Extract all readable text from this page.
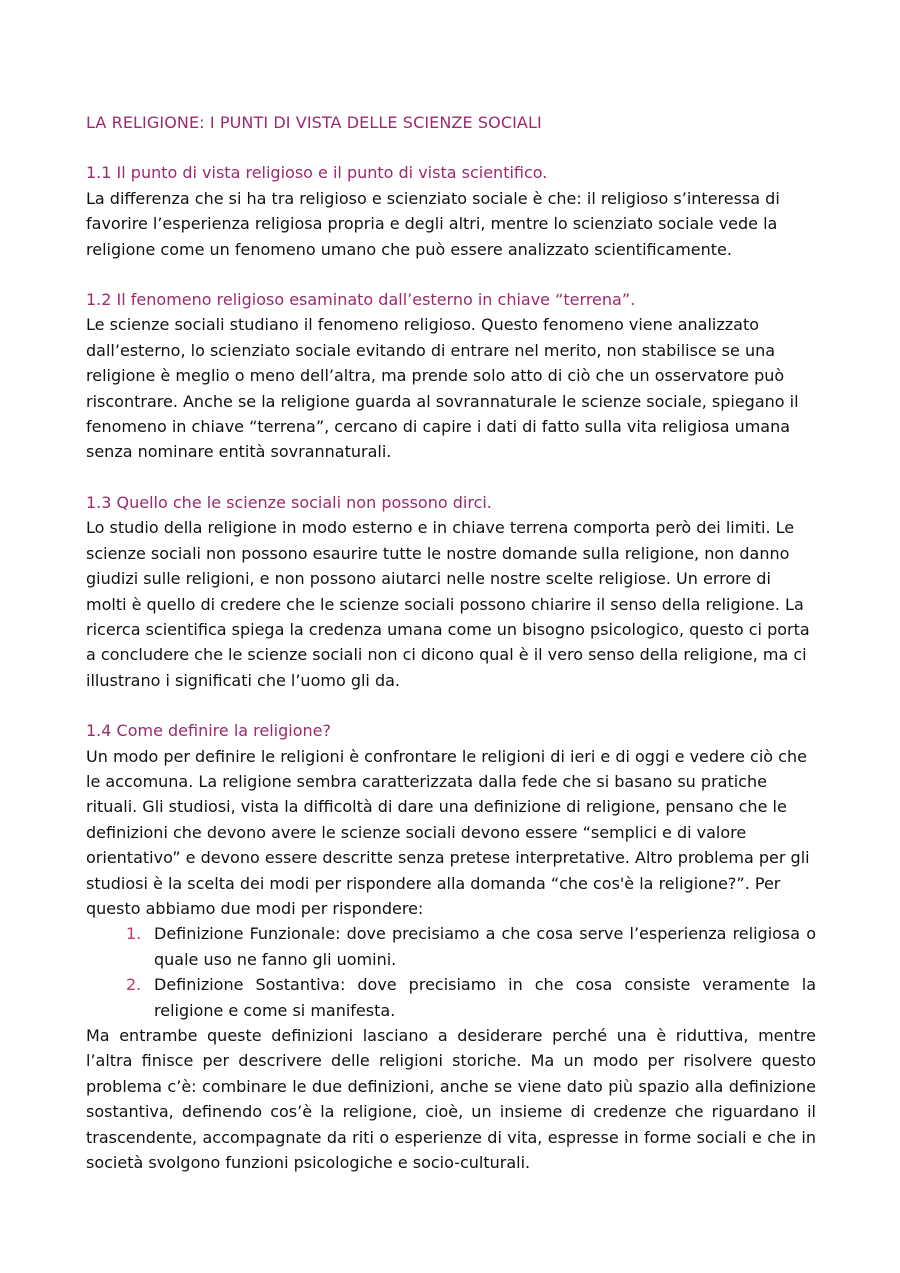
LA RELIGIONE: I PUNTI DI VISTA DELLE SCIENZE SOCIALI

1.1 Il punto di vista religioso e il punto di vista scientifico.

La differenza che si ha tra religioso e scienziato sociale è che: il religioso s’interessa di favorire l’esperienza religiosa propria e degli altri, mentre lo scienziato sociale vede la religione come un fenomeno umano che può essere analizzato scientificamente.

1.2 Il fenomeno religioso esaminato dall’esterno in chiave “terrena”.

Le scienze sociali studiano il fenomeno religioso. Questo fenomeno viene analizzato dall’esterno, lo scienziato sociale evitando di entrare nel merito, non stabilisce se una religione è meglio o meno dell’altra, ma prende solo atto di ciò che un osservatore può riscontrare. Anche se la religione guarda al sovrannaturale le scienze sociale, spiegano il fenomeno in chiave “terrena”, cercano di capire i dati di fatto sulla vita religiosa umana senza nominare entità sovrannaturali.

1.3 Quello che le scienze sociali non possono dirci.

Lo studio della religione in modo esterno e in chiave terrena comporta però dei limiti. Le scienze sociali non possono esaurire tutte le nostre domande sulla religione, non danno giudizi sulle religioni, e non possono aiutarci nelle nostre scelte religiose. Un errore di molti è quello di credere che le scienze sociali possono chiarire il senso della religione. La ricerca scientifica spiega la credenza umana come un bisogno psicologico, questo ci porta a concludere che le scienze sociali non ci dicono qual è il vero senso della religione, ma ci illustrano i significati che l’uomo gli da.

1.4 Come definire la religione?

Un modo per definire le religioni è confrontare le religioni di ieri e di oggi e vedere ciò che le accomuna. La religione sembra caratterizzata dalla fede che si basano su pratiche rituali. Gli studiosi, vista la difficoltà di dare una definizione di religione, pensano che le definizioni che devono avere le scienze sociali devono essere “semplici e di valore orientativo” e devono essere descritte senza pretese interpretative. Altro problema per gli studiosi è la scelta dei modi per rispondere alla domanda “che cos'è la religione?”. Per questo abbiamo due modi per rispondere:

1. Definizione Funzionale: dove precisiamo a che cosa serve l’esperienza religiosa o quale uso ne fanno gli uomini.
2. Definizione Sostantiva: dove precisiamo in che cosa consiste veramente la religione e come si manifesta.

Ma entrambe queste definizioni lasciano a desiderare perché una è riduttiva, mentre l’altra finisce per descrivere delle religioni storiche. Ma un modo per risolvere questo problema c’è: combinare le due definizioni, anche se viene dato più spazio alla definizione sostantiva, definendo cos’è la religione, cioè, un insieme di credenze che riguardano il trascendente, accompagnate da riti o esperienze di vita, espresse in forme sociali e che in società svolgono funzioni psicologiche e socio-culturali.
